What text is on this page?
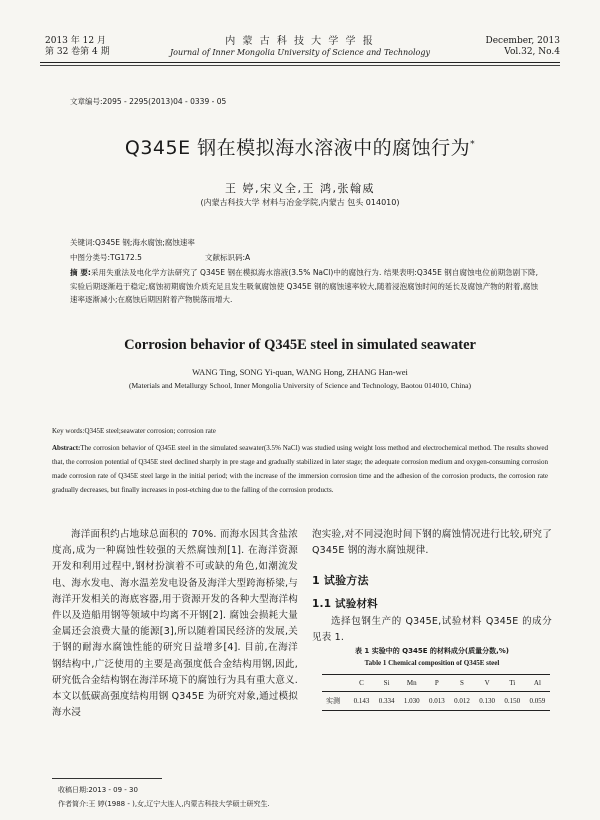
2013 年 12 月
第 32 卷第 4 期
内 蒙 古 科 技 大 学 学 报
Journal of Inner Mongolia University of Science and Technology
December, 2013
Vol.32, No.4
文章编号:2095 - 2295(2013)04 - 0339 - 05
Q345E 钢在模拟海水溶液中的腐蚀行为*
王 婷,宋义全,王 鸿,张翰威
(内蒙古科技大学 材料与冶金学院,内蒙古 包头 014010)
关键词:Q345E 钢;海水腐蚀;腐蚀速率
中图分类号:TG172.5	文献标识码:A
摘 要:采用失重法及电化学方法研究了 Q345E 钢在模拟海水溶液(3.5% NaCl)中的腐蚀行为. 结果表明:Q345E 钢自腐蚀电位前期急剧下降,实验后期逐渐趋于稳定;腐蚀初期腐蚀介质充足且发生吸氧腐蚀使 Q345E 钢的腐蚀速率较大,随着浸泡腐蚀时间的延长及腐蚀产物的附着,腐蚀速率逐渐减小;在腐蚀后期因附着产物脱落而增大.
Corrosion behavior of Q345E steel in simulated seawater
WANG Ting, SONG Yi-quan, WANG Hong, ZHANG Han-wei
(Materials and Metallurgy School, Inner Mongolia University of Science and Technology, Baotou 014010, China)
Key words:Q345E steel;seawater corrosion; corrosion rate
Abstract:The corrosion behavior of Q345E steel in the simulated seawater(3.5% NaCl) was studied using weight loss method and electrochemical method. The results showed that, the corrosion potential of Q345E steel declined sharply in pre stage and gradually stabilized in later stage; the adequate corrosion medium and oxygen-consuming corrosion made corrosion rate of Q345E steel large in the initial period; with the increase of the immersion corrosion time and the adhesion of the corrosion products, the corrosion rate gradually decreases, but finally increases in post-etching due to the falling of the corrosion products.

海洋面积约占地球总面积的 70%. 而海水因其含盐浓度高,成为一种腐蚀性较强的天然腐蚀剂[1]. 在海洋资源开发和利用过程中,钢材扮演着不可或缺的角色,如潮流发电、海水发电、海水温差发电设备及海洋大型跨海桥梁,与海洋开发相关的海底容器,用于资源开发的各种大型海洋构件以及造船用钢等领域中均离不开钢[2]. 腐蚀会损耗大量金属还会浪费大量的能源[3],所以随着国民经济的发展,关于钢的耐海水腐蚀性能的研究日益增多[4]. 目前,在海洋钢结构中,广泛使用的主要是高强度低合金结构用钢,因此,研究低合金结构钢在海洋环境下的腐蚀行为具有重大意义. 本文以低碳高强度结构用钢 Q345E 为研究对象,通过模拟海水浸

泡实验,对不同浸泡时间下钢的腐蚀情况进行比较,研究了 Q345E 钢的海水腐蚀规律.

1 试验方法
1.1 试验材料

选择包钢生产的 Q345E,试验材料 Q345E 的成分见表 1.

表 1 实验中的 Q345E 的材料成分(质量分数,%)
Table 1 Chemical composition of Q345E steel
	C	Si	Mn	P	S	V	Ti	Al
实测	0.143	0.334	1.030	0.013	0.012	0.130	0.150	0.059
收稿日期:2013 - 09 - 30
作者简介:王 婷(1988 - ),女,辽宁大连人,内蒙古科技大学硕士研究生.
